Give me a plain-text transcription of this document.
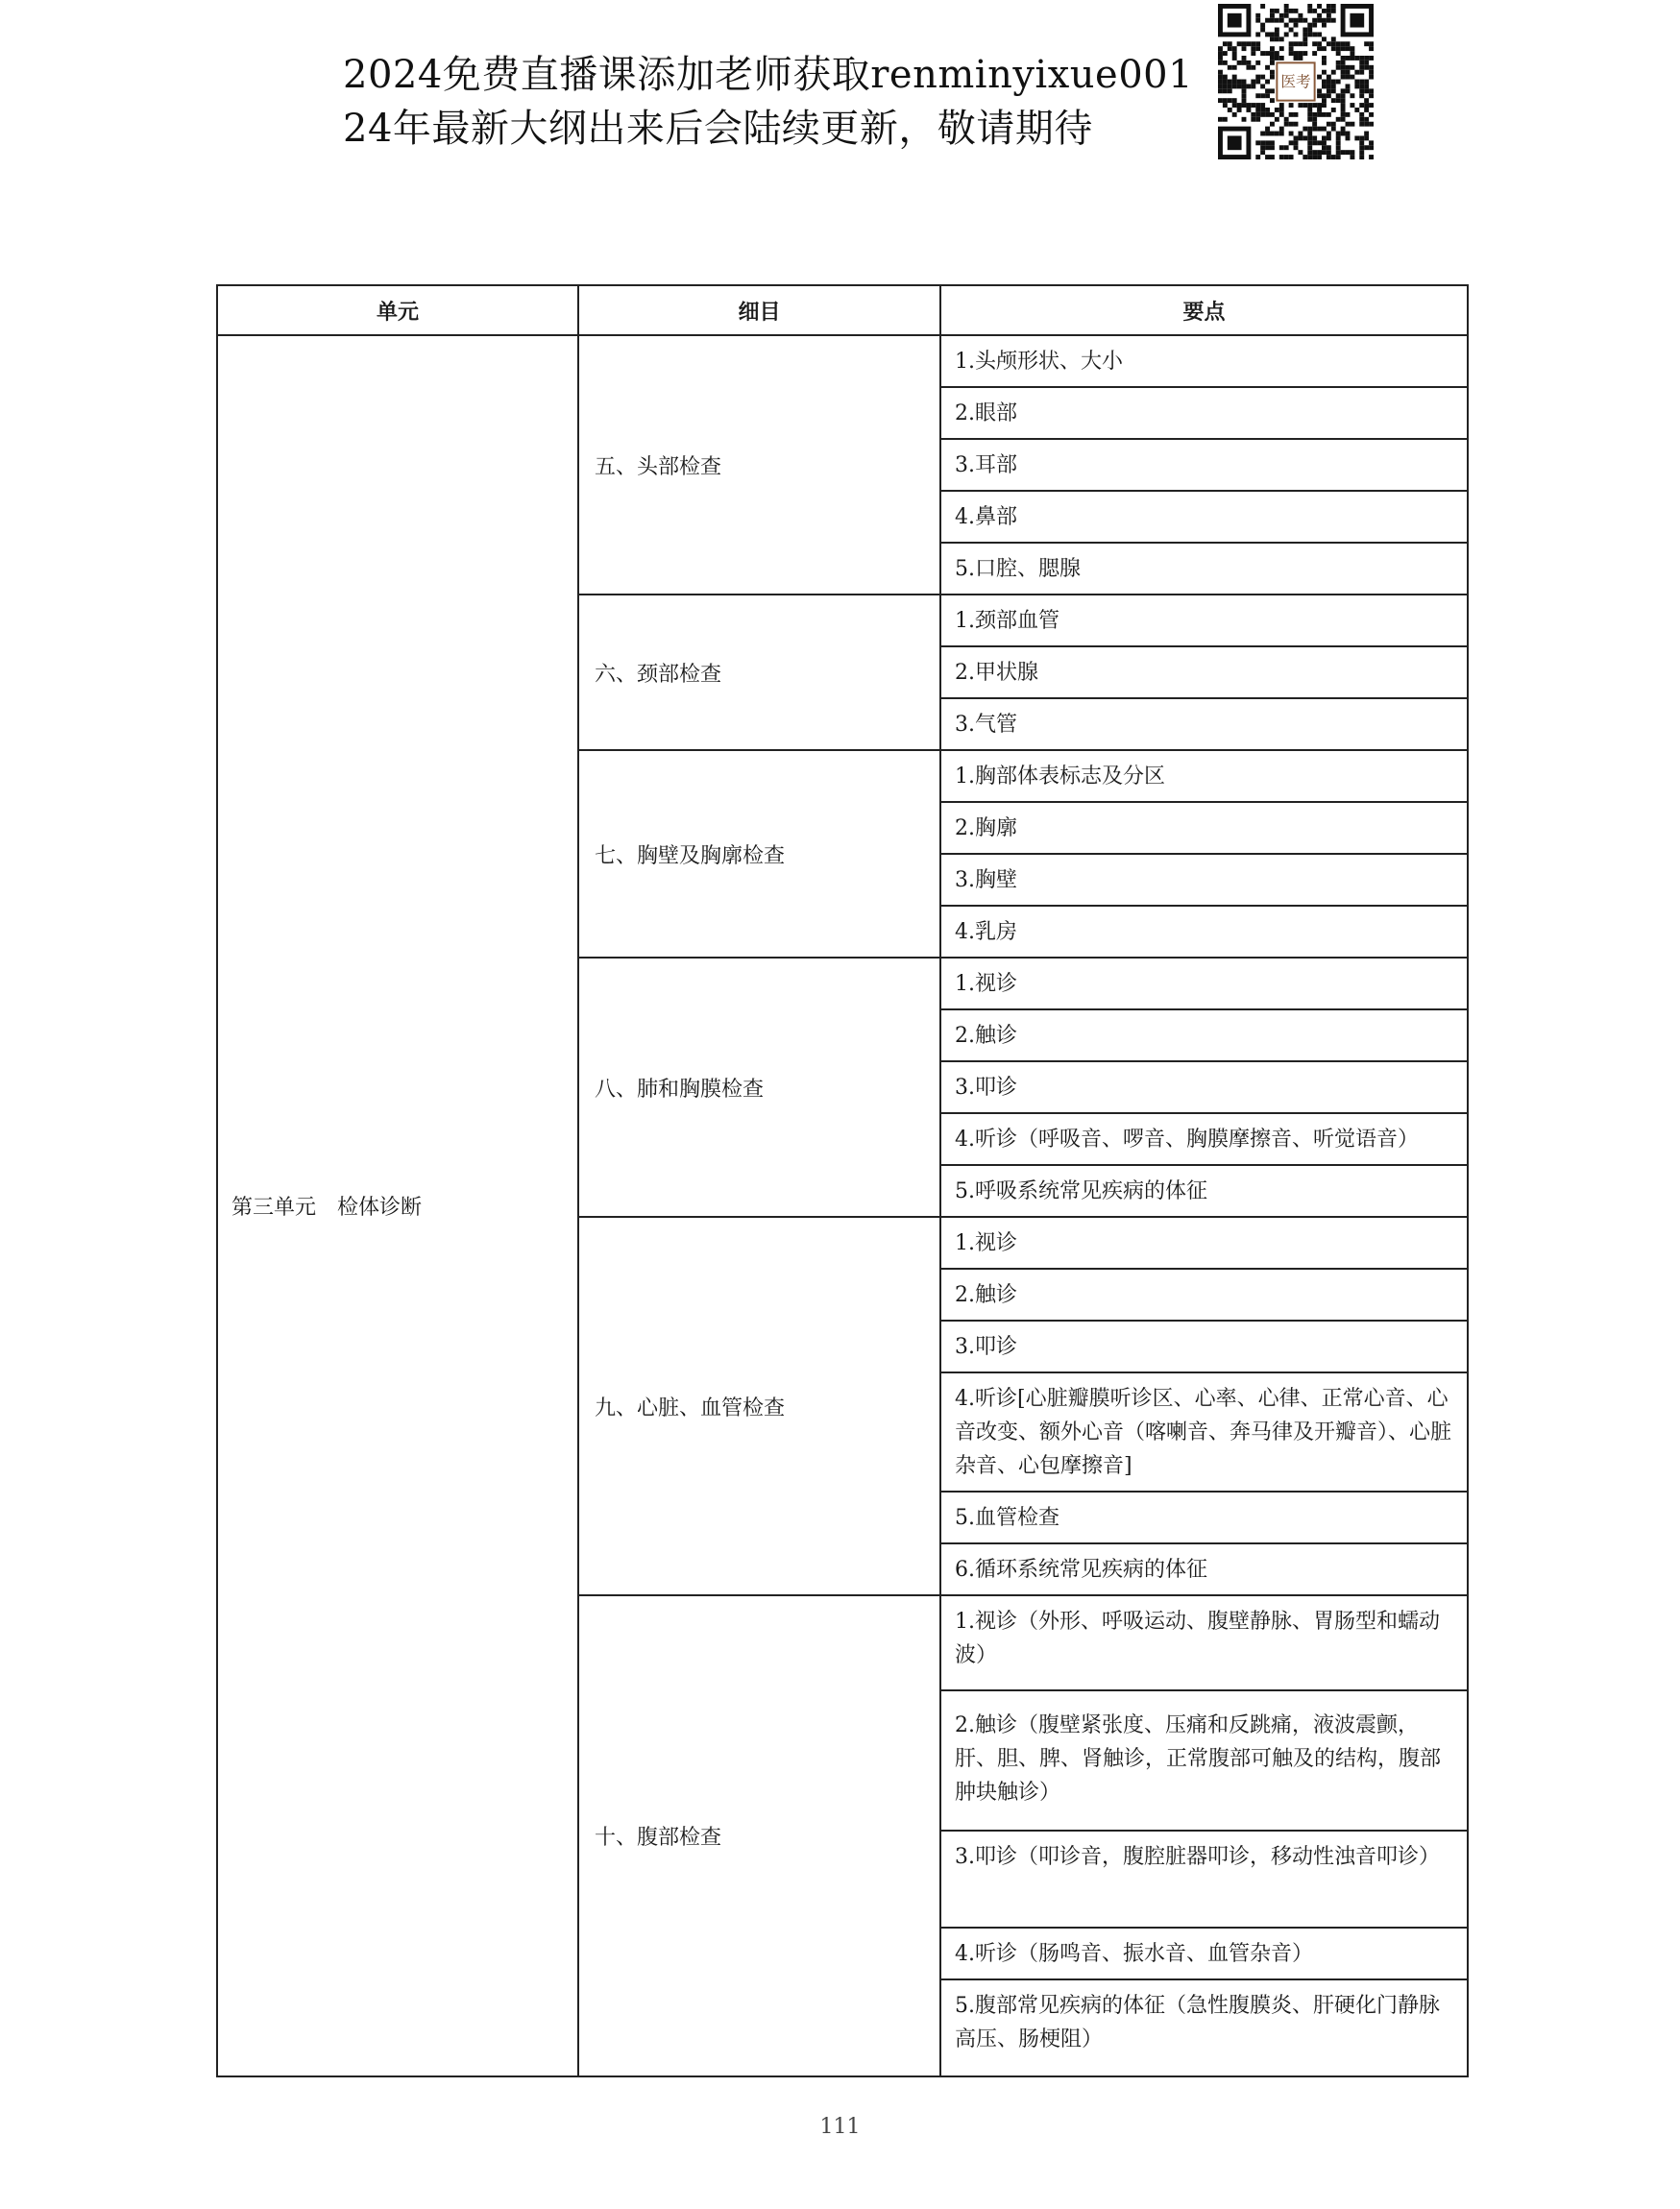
2024免费直播课添加老师获取renminyixue001
24年最新大纲出来后会陆续更新，敬请期待
医考
单元	细目	要点
第三单元　检体诊断	五、头部检查	1.头颅形状、大小
		2.眼部
		3.耳部
		4.鼻部
		5.口腔、腮腺
	六、颈部检查	1.颈部血管
		2.甲状腺
		3.气管
	七、胸壁及胸廓检查	1.胸部体表标志及分区
		2.胸廓
		3.胸壁
		4.乳房
	八、肺和胸膜检查	1.视诊
		2.触诊
		3.叩诊
		4.听诊（呼吸音、啰音、胸膜摩擦音、听觉语音）
		5.呼吸系统常见疾病的体征
	九、心脏、血管检查	1.视诊
		2.触诊
		3.叩诊
		4.听诊[心脏瓣膜听诊区、心率、心律、正常心音、心音改变、额外心音（喀喇音、奔马律及开瓣音）、心脏杂音、心包摩擦音]
		5.血管检查
		6.循环系统常见疾病的体征
	十、腹部检查	1.视诊（外形、呼吸运动、腹壁静脉、胃肠型和蠕动波）
		2.触诊（腹壁紧张度、压痛和反跳痛，液波震颤，肝、胆、脾、肾触诊，正常腹部可触及的结构，腹部肿块触诊）
		3.叩诊（叩诊音，腹腔脏器叩诊，移动性浊音叩诊）
		4.听诊（肠鸣音、振水音、血管杂音）
		5.腹部常见疾病的体征（急性腹膜炎、肝硬化门静脉高压、肠梗阻）
111
